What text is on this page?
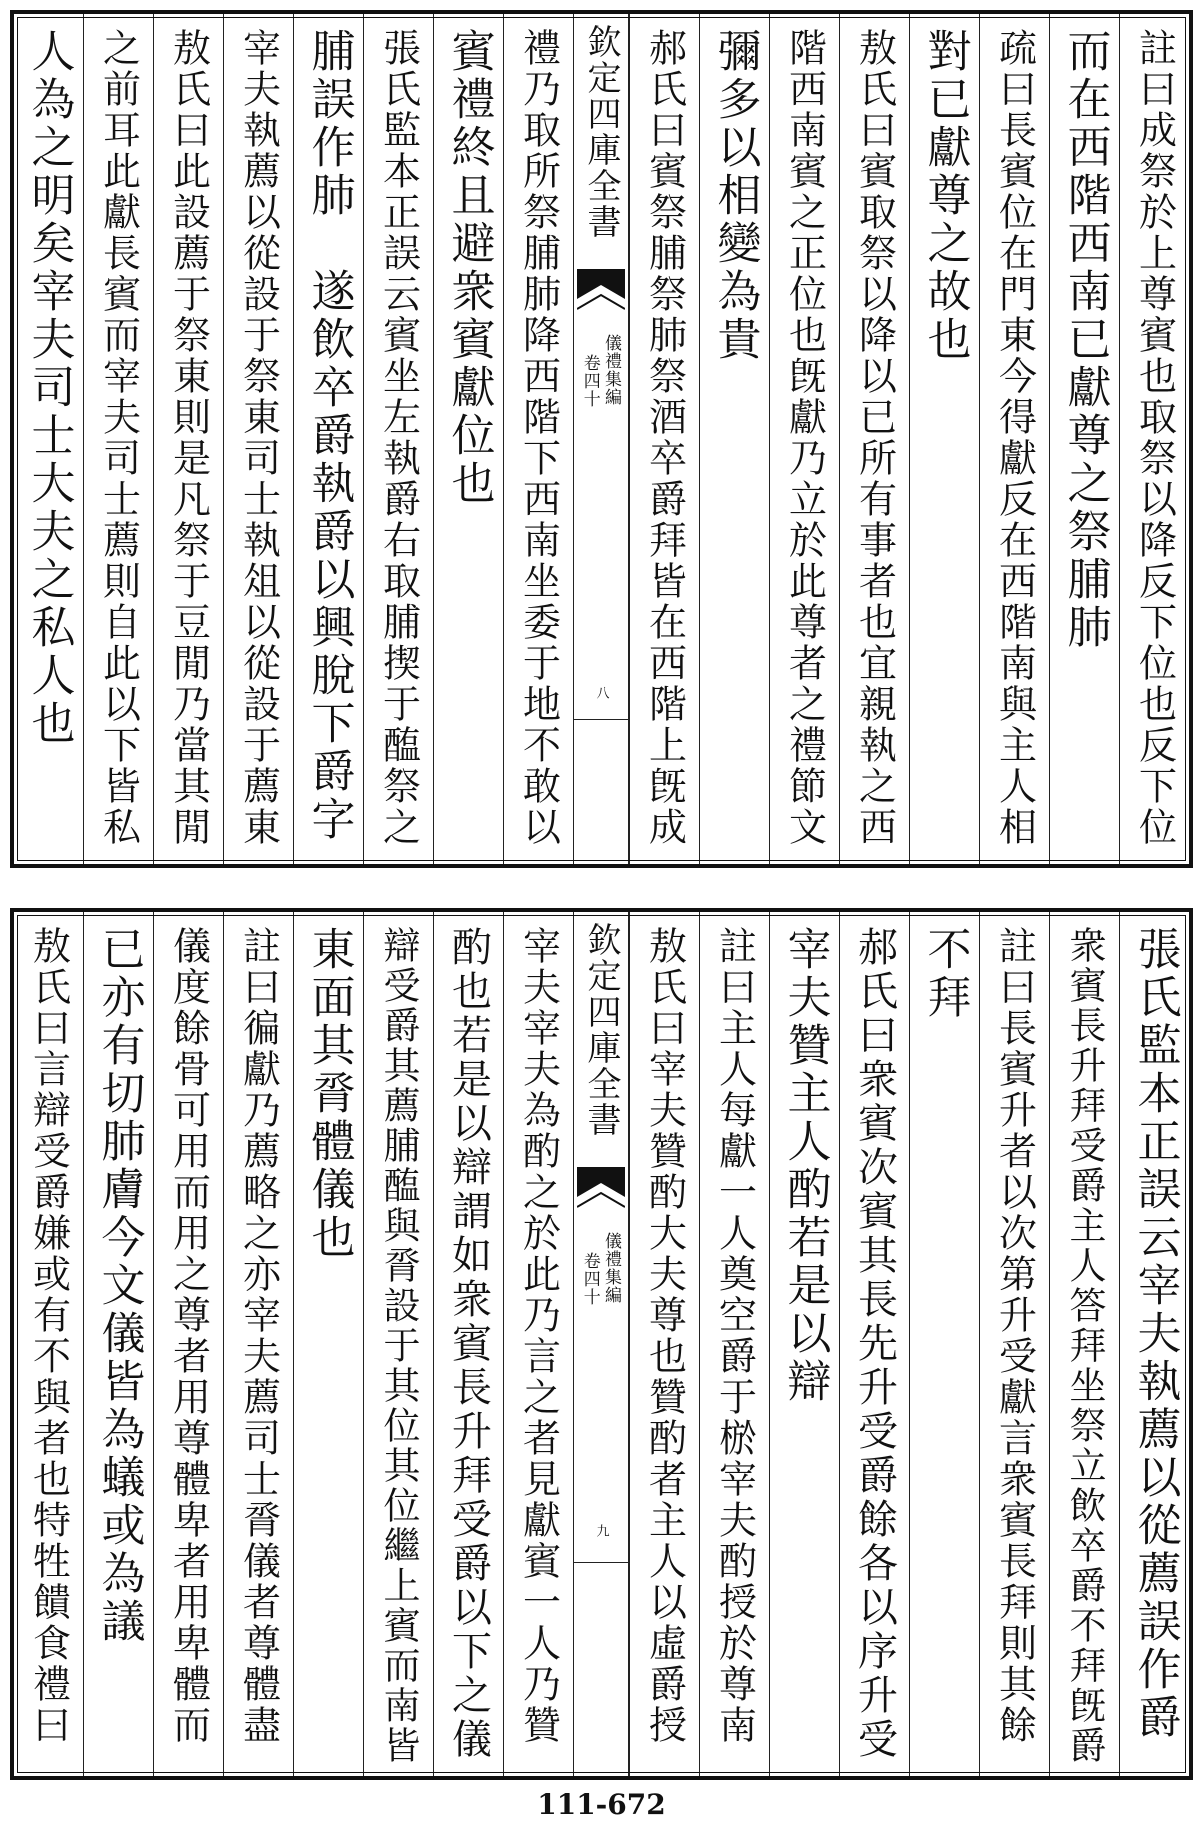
註曰成祭於上尊賓也取祭以降反下位也反下位
而在西階西南已獻尊之祭脯肺
疏曰長賓位在門東今得獻反在西階南與主人相
對已獻尊之故也
敖氏曰賓取祭以降以已所有事者也宜親執之西
階西南賓之正位也旣獻乃立於此尊者之禮節文
彌多以相變為貴
郝氏曰賓祭脯祭肺祭酒卒爵拜皆在西階上旣成
欽定四庫全書
儀禮集編
卷四十
八
禮乃取所祭脯肺降西階下西南坐委于地不敢以
賓禮終且避衆賓獻位也
張氏監本正誤云賓坐左執爵右取脯揳于醢祭之
脯誤作肺　遂飲卒爵執爵以興脫下爵字
宰夫執薦以從設于祭東司士執俎以從設于薦東
敖氏曰此設薦于祭東則是凡祭于豆閒乃當其閒
之前耳此獻長賓而宰夫司士薦則自此以下皆私
人為之明矣宰夫司士大夫之私人也
張氏監本正誤云宰夫執薦以從薦誤作爵
衆賓長升拜受爵主人答拜坐祭立飲卒爵不拜旣爵
註曰長賓升者以次第升受獻言衆賓長拜則其餘
不拜
郝氏曰衆賓次賓其長先升受爵餘各以序升受
宰夫贊主人酌若是以辯
註曰主人每獻一人奠空爵于棜宰夫酌授於尊南
敖氏曰宰夫贊酌大夫尊也贊酌者主人以虛爵授
欽定四庫全書
儀禮集編
卷四十
九
宰夫宰夫為酌之於此乃言之者見獻賓一人乃贊
酌也若是以辯謂如衆賓長升拜受爵以下之儀
辯受爵其薦脯醢與脀設于其位其位繼上賓而南皆
東面其脀體儀也
註曰徧獻乃薦略之亦宰夫薦司士脀儀者尊體盡
儀度餘骨可用而用之尊者用尊體卑者用卑體而
已亦有切肺膚今文儀皆為蟻或為議
敖氏曰言辯受爵嫌或有不與者也特牲饋食禮曰
111-672
